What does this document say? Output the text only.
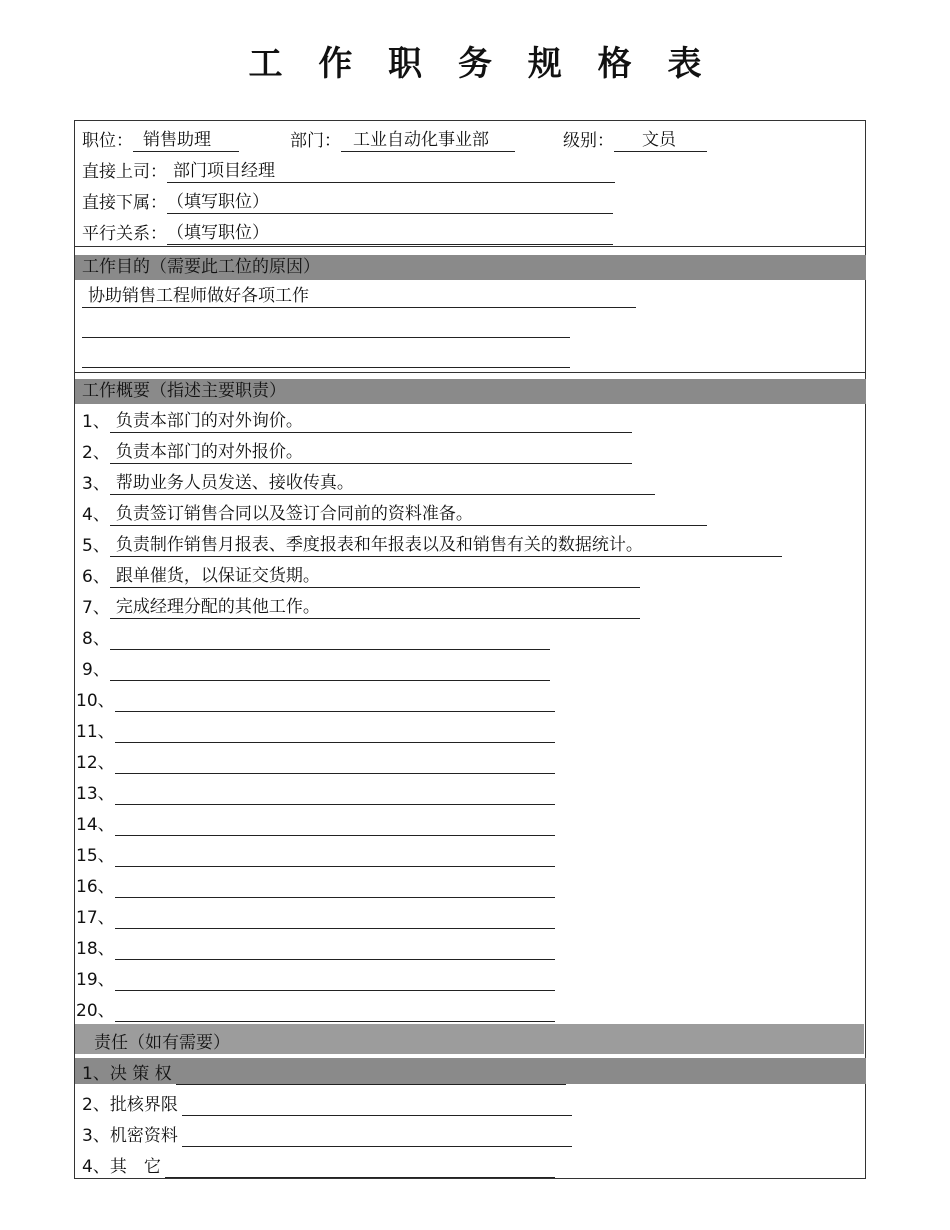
工 作 职 务 规 格 表
职位： 销售助理	部门： 工业自动化事业部	级别： 文员
直接上司： 部门项目经理
直接下属：（填写职位）
平行关系：（填写职位）
工作目的（需要此工位的原因）
协助销售工程师做好各项工作
工作概要（指述主要职责）
1、 负责本部门的对外询价。
2、 负责本部门的对外报价。
3、 帮助业务人员发送、接收传真。
4、 负责签订销售合同以及签订合同前的资料准备。
5、 负责制作销售月报表、季度报表和年报表以及和销售有关的数据统计。
6、 跟单催货，以保证交货期。
7、 完成经理分配的其他工作。
8、
9、
10、
11、
12、
13、
14、
15、
16、
17、
18、
19、
20、
责任（如有需要）
1、决 策 权
2、批核界限
3、机密资料
4、其　它
